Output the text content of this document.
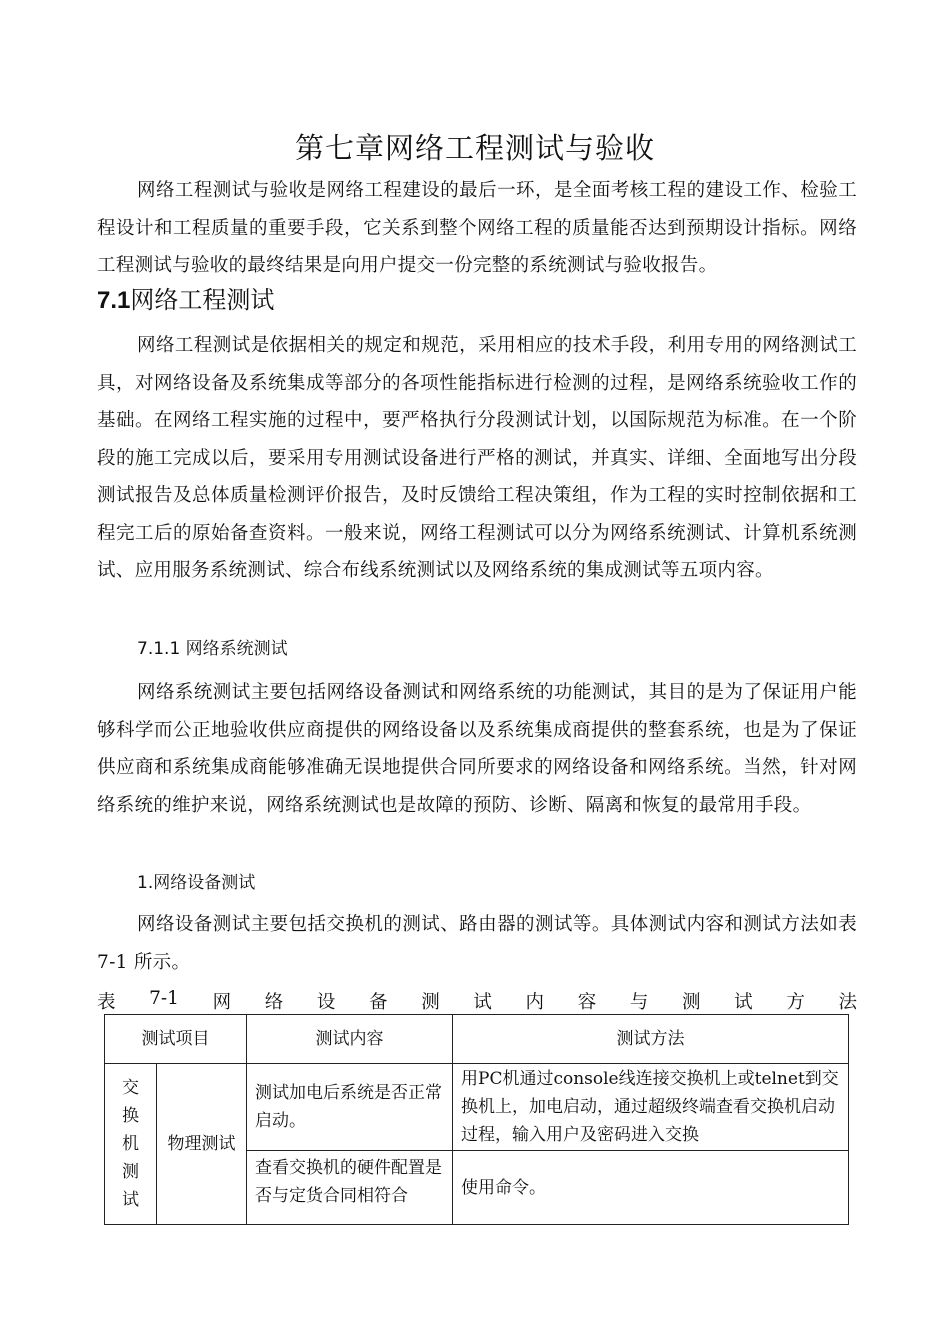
第七章网络工程测试与验收

网络工程测试与验收是网络工程建设的最后一环，是全面考核工程的建设工作、检验工程设计和工程质量的重要手段，它关系到整个网络工程的质量能否达到预期设计指标。网络工程测试与验收的最终结果是向用户提交一份完整的系统测试与验收报告。

7.1网络工程测试

网络工程测试是依据相关的规定和规范，采用相应的技术手段，利用专用的网络测试工具，对网络设备及系统集成等部分的各项性能指标进行检测的过程，是网络系统验收工作的基础。在网络工程实施的过程中，要严格执行分段测试计划，以国际规范为标准。在一个阶段的施工完成以后，要采用专用测试设备进行严格的测试，并真实、详细、全面地写出分段测试报告及总体质量检测评价报告，及时反馈给工程决策组，作为工程的实时控制依据和工程完工后的原始备查资料。一般来说，网络工程测试可以分为网络系统测试、计算机系统测试、应用服务系统测试、综合布线系统测试以及网络系统的集成测试等五项内容。

7.1.1 网络系统测试

网络系统测试主要包括网络设备测试和网络系统的功能测试，其目的是为了保证用户能够科学而公正地验收供应商提供的网络设备以及系统集成商提供的整套系统，也是为了保证供应商和系统集成商能够准确无误地提供合同所要求的网络设备和网络系统。当然，针对网络系统的维护来说，网络系统测试也是故障的预防、诊断、隔离和恢复的最常用手段。

1.网络设备测试

网络设备测试主要包括交换机的测试、路由器的测试等。具体测试内容和测试方法如表7-1 所示。

表 7-1 网 络 设 备 测 试 内 容 与 测 试 方 法
测试项目		测试内容	测试方法
交换机测试	物理测试	测试加电后系统是否正常启动。	用PC机通过console线连接交换机上或telnet到交换机上，加电启动，通过超级终端查看交换机启动过程，输入用户及密码进入交换

		查看交换机的硬件配置是否与定货合同相符合	使用命令。
